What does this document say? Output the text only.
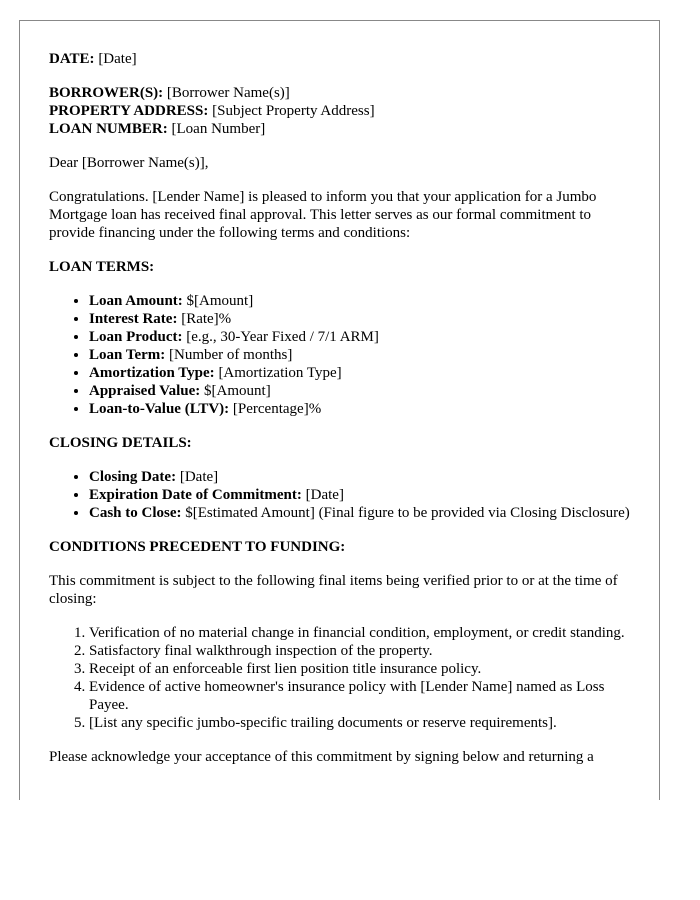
DATE: [Date]

BORROWER(S): [Borrower Name(s)]
PROPERTY ADDRESS: [Subject Property Address]
LOAN NUMBER: [Loan Number]

Dear [Borrower Name(s)],

Congratulations. [Lender Name] is pleased to inform you that your application for a Jumbo Mortgage loan has received final approval. This letter serves as our formal commitment to provide financing under the following terms and conditions:

LOAN TERMS:

• Loan Amount: $[Amount]
• Interest Rate: [Rate]%
• Loan Product: [e.g., 30-Year Fixed / 7/1 ARM]
• Loan Term: [Number of months]
• Amortization Type: [Amortization Type]
• Appraised Value: $[Amount]
• Loan-to-Value (LTV): [Percentage]%

CLOSING DETAILS:

• Closing Date: [Date]
• Expiration Date of Commitment: [Date]
• Cash to Close: $[Estimated Amount] (Final figure to be provided via Closing Disclosure)

CONDITIONS PRECEDENT TO FUNDING:

This commitment is subject to the following final items being verified prior to or at the time of closing:

1. Verification of no material change in financial condition, employment, or credit standing.
2. Satisfactory final walkthrough inspection of the property.
3. Receipt of an enforceable first lien position title insurance policy.
4. Evidence of active homeowner's insurance policy with [Lender Name] named as Loss Payee.
5. [List any specific jumbo-specific trailing documents or reserve requirements].

Please acknowledge your acceptance of this commitment by signing below and returning a
